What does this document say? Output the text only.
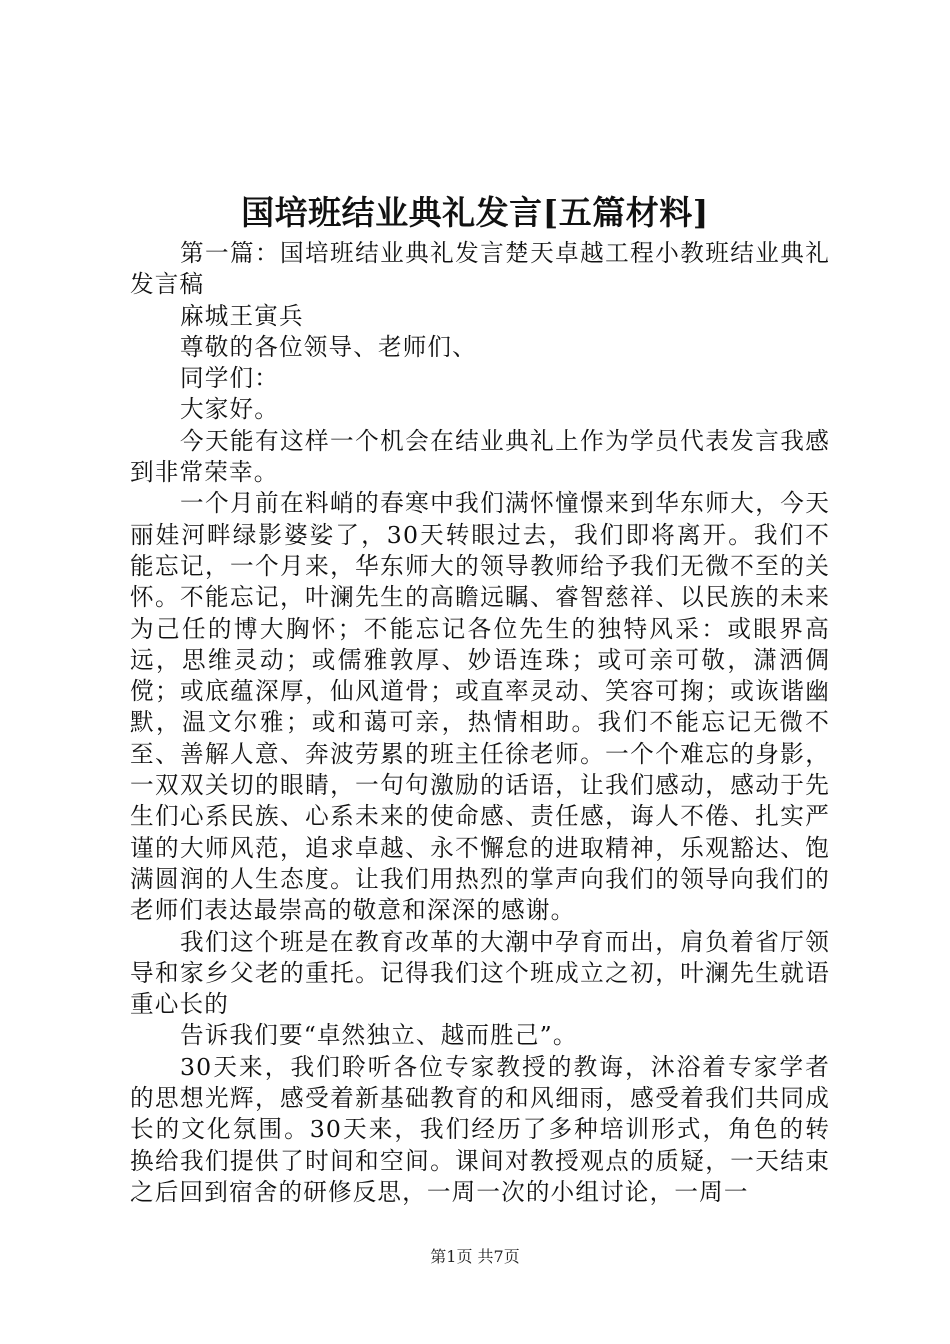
国培班结业典礼发言[五篇材料]

第一篇：国培班结业典礼发言楚天卓越工程小教班结业典礼发言稿

麻城王寅兵

尊敬的各位领导、老师们、

同学们：

大家好。

今天能有这样一个机会在结业典礼上作为学员代表发言我感到非常荣幸。

一个月前在料峭的春寒中我们满怀憧憬来到华东师大，今天丽娃河畔绿影婆娑了，30天转眼过去，我们即将离开。我们不能忘记，一个月来，华东师大的领导教师给予我们无微不至的关怀。不能忘记，叶澜先生的高瞻远瞩、睿智慈祥、以民族的未来为己任的博大胸怀；不能忘记各位先生的独特风采：或眼界高远，思维灵动；或儒雅敦厚、妙语连珠；或可亲可敬，潇洒倜傥；或底蕴深厚，仙风道骨；或直率灵动、笑容可掬；或诙谐幽默，温文尔雅；或和蔼可亲，热情相助。我们不能忘记无微不至、善解人意、奔波劳累的班主任徐老师。一个个难忘的身影，一双双关切的眼睛，一句句激励的话语，让我们感动，感动于先生们心系民族、心系未来的使命感、责任感，诲人不倦、扎实严谨的大师风范，追求卓越、永不懈怠的进取精神，乐观豁达、饱满圆润的人生态度。让我们用热烈的掌声向我们的领导向我们的老师们表达最崇高的敬意和深深的感谢。

我们这个班是在教育改革的大潮中孕育而出，肩负着省厅领导和家乡父老的重托。记得我们这个班成立之初，叶澜先生就语重心长的

告诉我们要“卓然独立、越而胜己”。

30天来，我们聆听各位专家教授的教诲，沐浴着专家学者的思想光辉，感受着新基础教育的和风细雨，感受着我们共同成长的文化氛围。30天来，我们经历了多种培训形式，角色的转换给我们提供了时间和空间。课间对教授观点的质疑，一天结束之后回到宿舍的研修反思，一周一次的小组讨论，一周一

第1页 共7页
